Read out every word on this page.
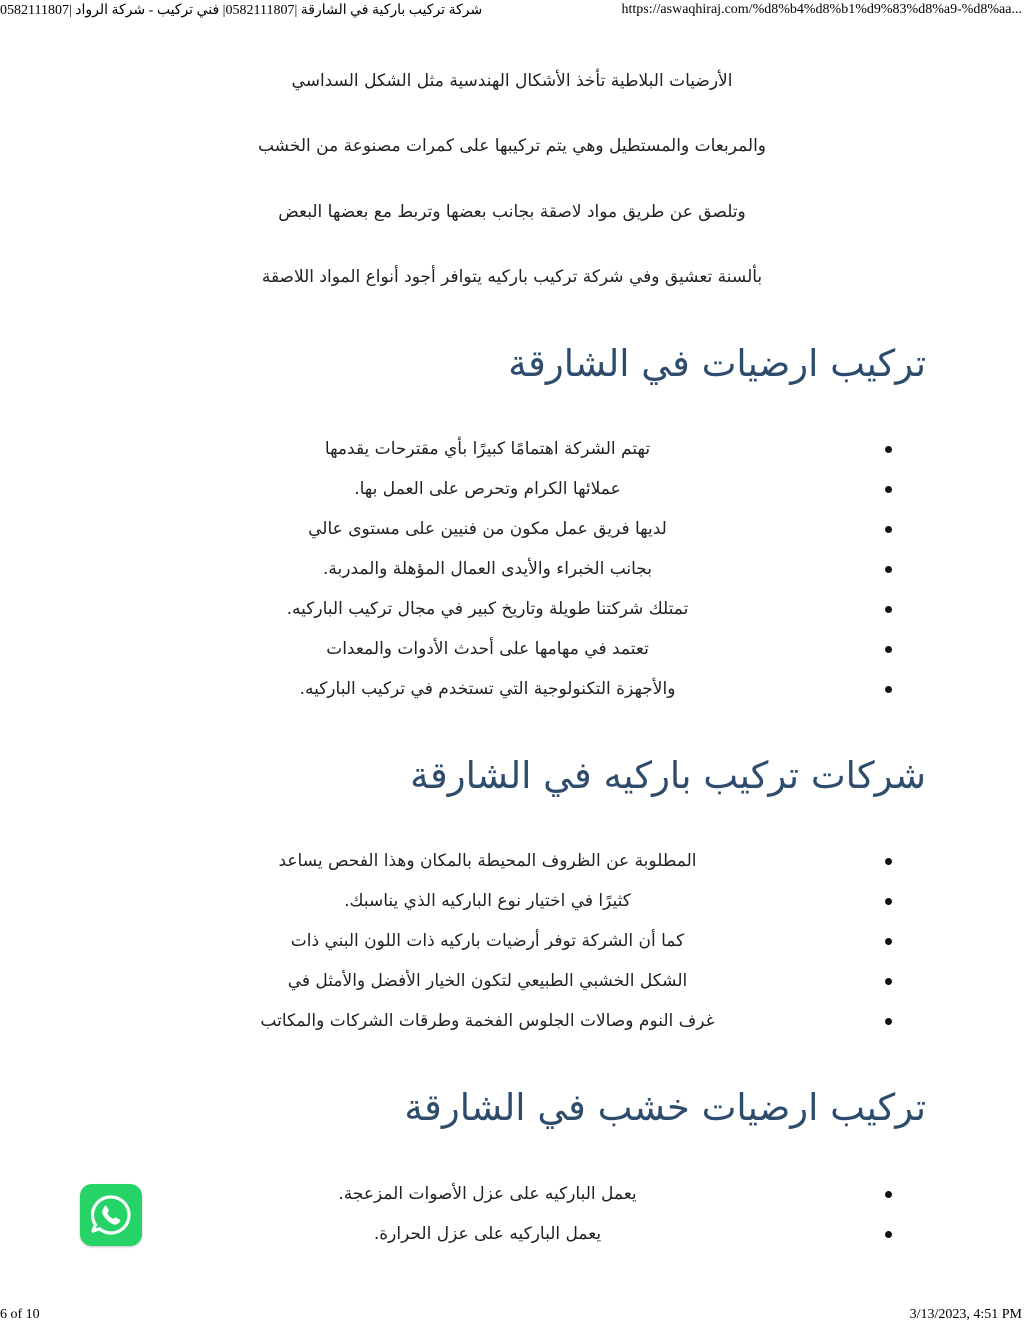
شركة تركيب باركية في الشارقة |0582111807| فني تركيب - شركة الرواد |0582111807	https://aswaqhiraj.com/%d8%b4%d8%b1%d9%83%d8%a9-%d8%aa...

الأرضيات البلاطية تأخذ الأشكال الهندسية مثل الشكل السداسي

والمربعات والمستطيل وهي يتم تركيبها على كمرات مصنوعة من الخشب

وتلصق عن طريق مواد لاصقة بجانب بعضها وتربط مع بعضها البعض

بألسنة تعشيق وفي شركة تركيب باركيه يتوافر أجود أنواع المواد اللاصقة

تركيب ارضيات في الشارقة
تهتم الشركة اهتمامًا كبيرًا بأي مقترحات يقدمها
عملائها الكرام وتحرص على العمل بها.
لديها فريق عمل مكون من فنيين على مستوى عالي
بجانب الخبراء والأيدى العمال المؤهلة والمدربة.
تمتلك شركتنا طويلة وتاريخ كبير في مجال تركيب الباركيه.
تعتمد في مهامها على أحدث الأدوات والمعدات
والأجهزة التكنولوجية التي تستخدم في تركيب الباركيه.
شركات تركيب باركيه في الشارقة
المطلوبة عن الظروف المحيطة بالمكان وهذا الفحص يساعد
كثيرًا في اختيار نوع الباركيه الذي يناسبك.
كما أن الشركة توفر أرضيات باركيه ذات اللون البني ذات
الشكل الخشبي الطبيعي لتكون الخيار الأفضل والأمثل في
غرف النوم وصالات الجلوس الفخمة وطرقات الشركات والمكاتب
تركيب ارضيات خشب في الشارقة
يعمل الباركيه على عزل الأصوات المزعجة.
يعمل الباركيه على عزل الحرارة.
6 of 10	3/13/2023, 4:51 PM
